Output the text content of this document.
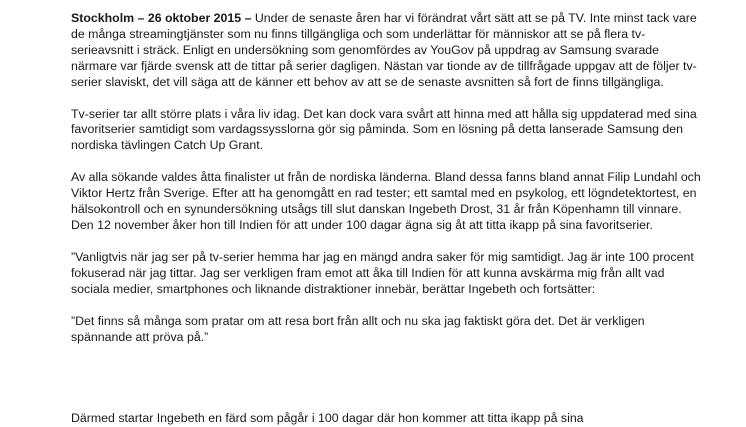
Stockholm – 26 oktober 2015 – Under de senaste åren har vi förändrat vårt sätt att se på TV. Inte minst tack vare de många streamingtjänster som nu finns tillgängliga och som underlättar för människor att se på flera tv-serieavsnitt i sträck. Enligt en undersökning som genomfördes av YouGov på uppdrag av Samsung svarade närmare var fjärde svensk att de tittar på serier dagligen. Nästan var tionde av de tillfrågade uppgav att de följer tv-serier slaviskt, det vill säga att de känner ett behov av att se de senaste avsnitten så fort de finns tillgängliga.

Tv-serier tar allt större plats i våra liv idag. Det kan dock vara svårt att hinna med att hålla sig uppdaterad med sina favoritserier samtidigt som vardagssysslorna gör sig påminda. Som en lösning på detta lanserade Samsung den nordiska tävlingen Catch Up Grant.

Av alla sökande valdes åtta finalister ut från de nordiska länderna. Bland dessa fanns bland annat Filip Lundahl och Viktor Hertz från Sverige. Efter att ha genomgått en rad tester; ett samtal med en psykolog, ett lögndetektortest, en hälsokontroll och en synundersökning utsågs till slut danskan Ingebeth Drost, 31 år från Köpenhamn till vinnare. Den 12 november åker hon till Indien för att under 100 dagar ägna sig åt att titta ikapp på sina favoritserier.

”Vanligtvis när jag ser på tv-serier hemma har jag en mängd andra saker för mig samtidigt. Jag är inte 100 procent fokuserad när jag tittar. Jag ser verkligen fram emot att åka till Indien för att kunna avskärma mig från allt vad sociala medier, smartphones och liknande distraktioner innebär, berättar Ingebeth och fortsätter:

”Det finns så många som pratar om att resa bort från allt och nu ska jag faktiskt göra det. Det är verkligen spännande att pröva på.”

Därmed startar Ingebeth en färd som pågår i 100 dagar där hon kommer att titta ikapp på sina
